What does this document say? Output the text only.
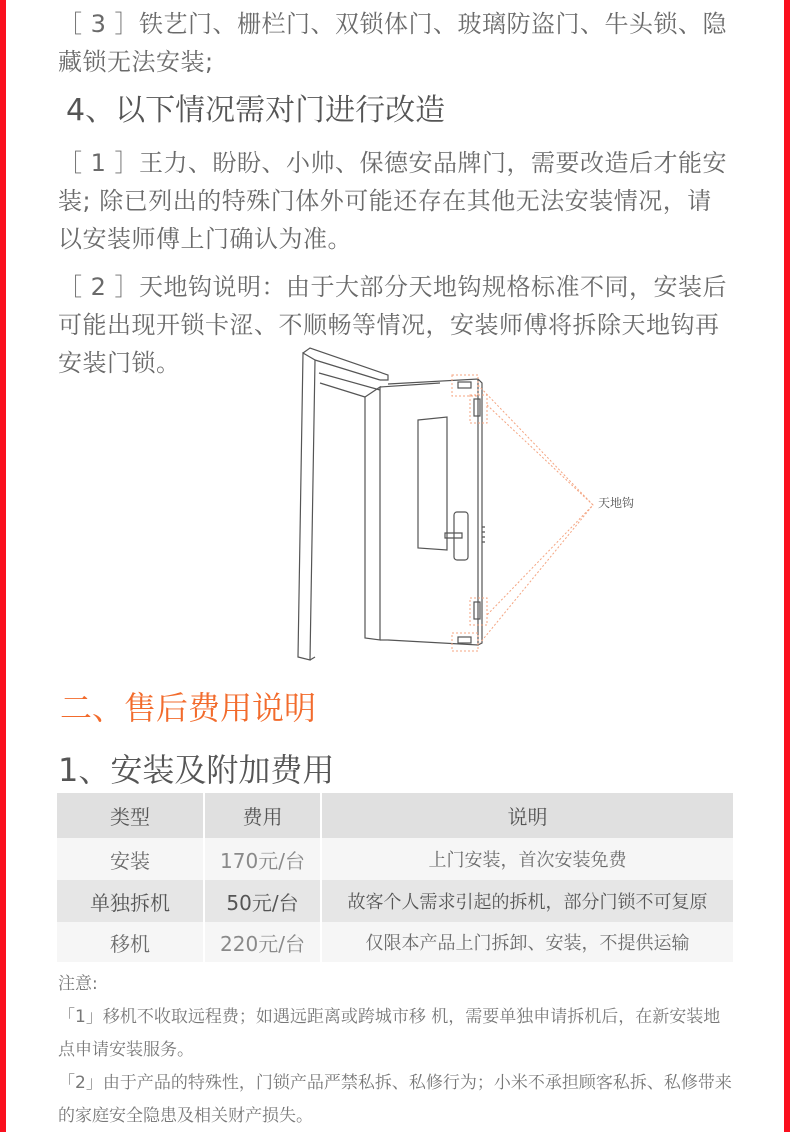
［ 3 ］铁艺门、栅栏门、双锁体门、玻璃防盗门、牛头锁、隐藏锁无法安装;

4、以下情况需对门进行改造

［ 1 ］王力、盼盼、小帅、保德安品牌门，需要改造后才能安装; 除已列出的特殊门体外可能还存在其他无法安装情况，请以安装师傅上门确认为准。

［ 2 ］天地钩说明：由于大部分天地钩规格标准不同，安装后可能出现开锁卡涩、不顺畅等情况，安装师傅将拆除天地钩再安装门锁。

天地钩
二、售后费用说明
1、安装及附加费用
类型	费用	说明
安装	170元/台	上门安装，首次安装免费
单独拆机	50元/台	故客个人需求引起的拆机，部分门锁不可复原
移机	220元/台	仅限本产品上门拆卸、安装，不提供运输

注意:

「1」移机不收取远程费；如遇远距离或跨城市移 机，需要单独申请拆机后，在新安装地点申请安装服务。

「2」由于产品的特殊性，门锁产品严禁私拆、私修行为；小米不承担顾客私拆、私修带来的家庭安全隐患及相关财产损失。
